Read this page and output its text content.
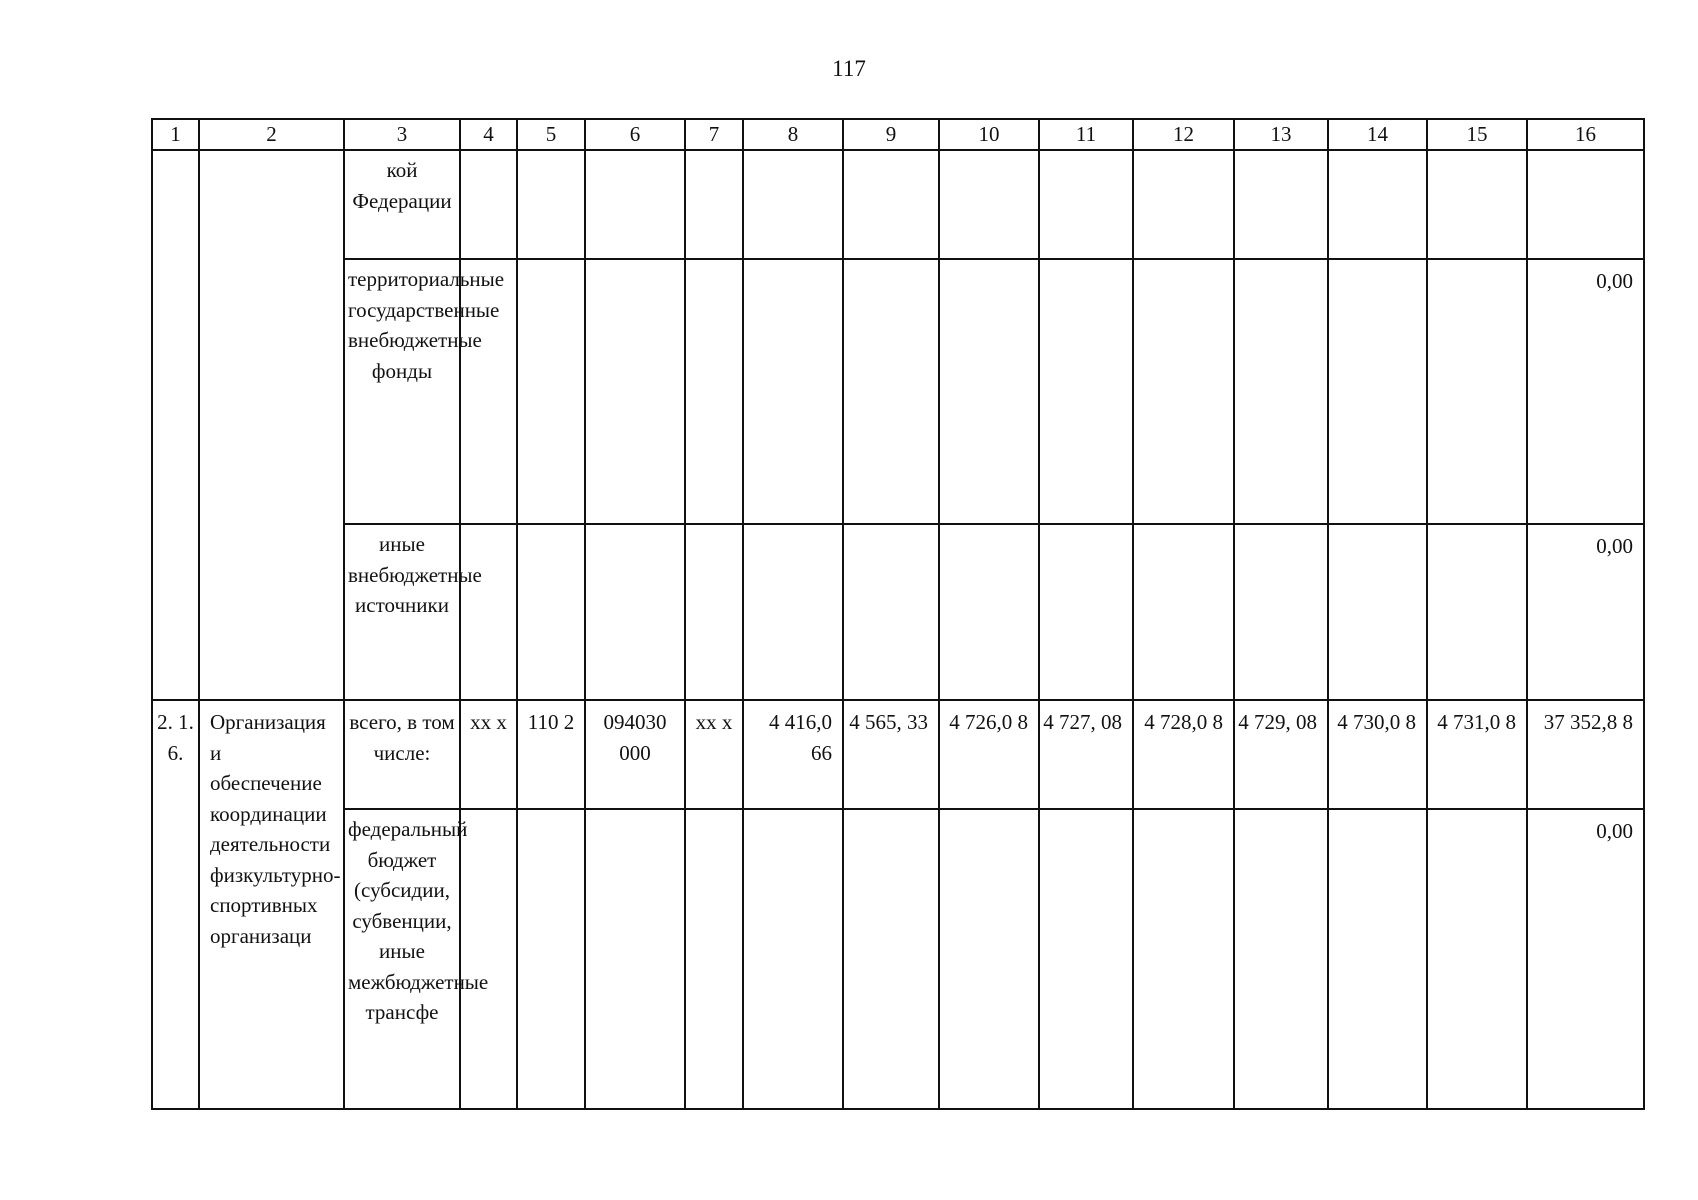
117
1	2	3	4	5	6	7	8	9	10	11	12	13	14	15	16
		кой Федерации													
		территориальные государственные внебюджетные фонды													0,00
		иные внебюджетные источники													0,00
2. 1. 6.	Организация и обеспечение координации деятельности физкультурно-спортивных организаци	всего, в том числе:	xx x	110 2	094030 000	xx x	4 416,0 66	4 565, 33	4 726,0 8	4 727, 08	4 728,0 8	4 729, 08	4 730,0 8	4 731,0 8	37 352,8 8
		федеральный бюджет (субсидии, субвенции, иные межбюджетные трансфе													0,00
